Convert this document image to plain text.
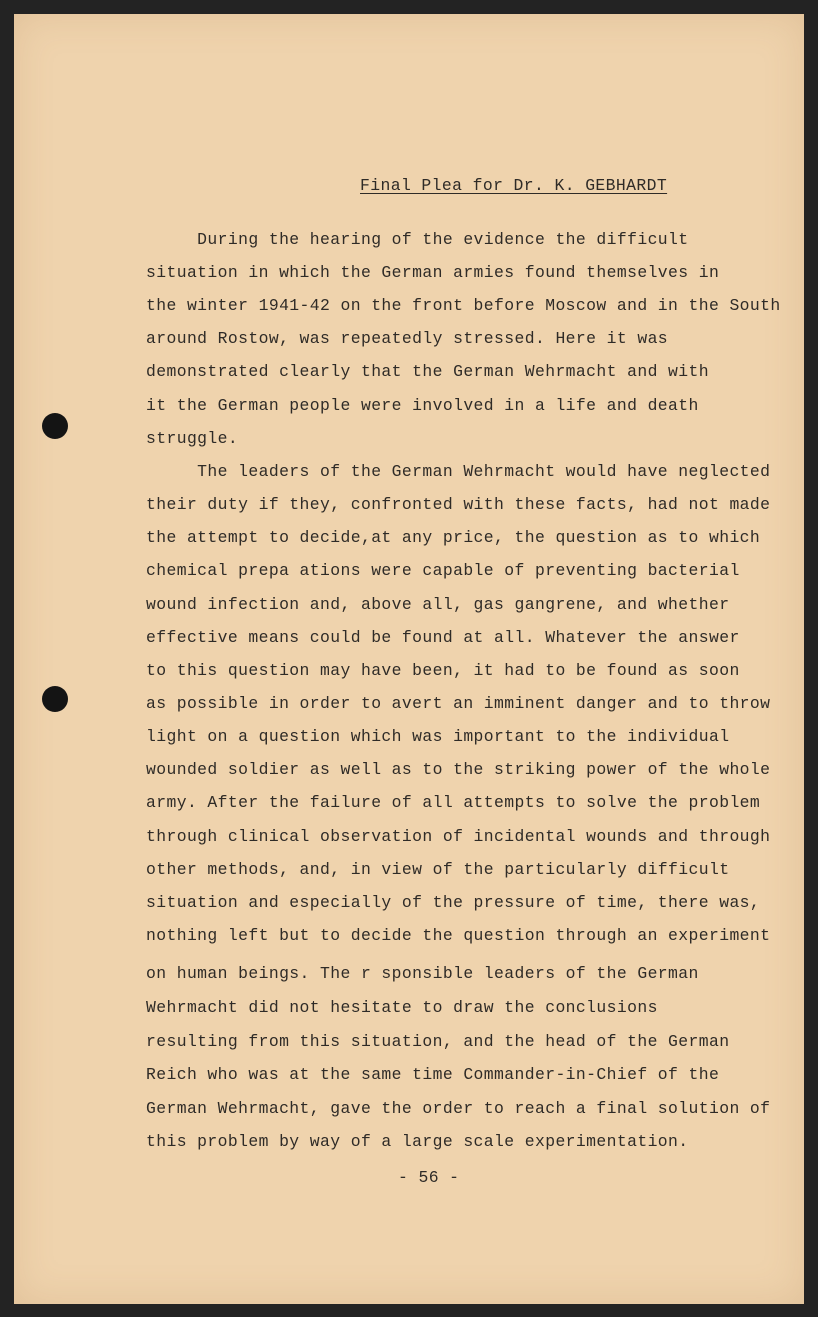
Final Plea for Dr. K. GEBHARDT
During the hearing of the evidence the difficult
situation in which the German armies found themselves in
the winter 1941-42 on the front before Moscow and in the South
around Rostow, was repeatedly stressed. Here it was
demonstrated clearly that the German Wehrmacht and with
it the German people were involved in a life and death
struggle.
The leaders of the German Wehrmacht would have neglected
their duty if they, confronted with these facts, had not made
the attempt to decide,at any price, the question as to which
chemical prepa ations were capable of preventing bacterial
wound infection and, above all, gas gangrene, and whether
effective means could be found at all. Whatever the answer
to this question may have been, it had to be found as soon
as possible in order to avert an imminent danger and to throw
light on a question which was important to the individual
wounded soldier as well as to the striking power of the whole
army. After the failure of all attempts to solve the problem
through clinical observation of incidental wounds and through
other methods, and, in view of the particularly difficult
situation and especially of the pressure of time, there was,
nothing left but to decide the question through an experiment
on human beings. The r sponsible leaders of the German
Wehrmacht did not hesitate to draw the conclusions
resulting from this situation, and the head of the German
Reich who was at the same time Commander-in-Chief of the
German Wehrmacht, gave the order to reach a final solution of
this problem by way of a large scale experimentation.
- 56 -
